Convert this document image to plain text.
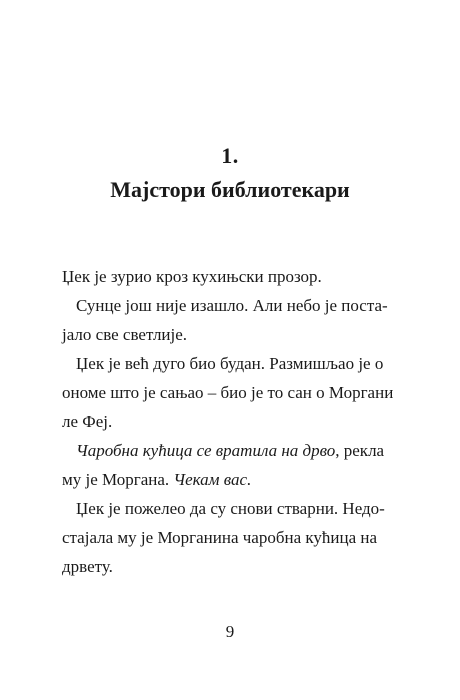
1.
Мајстори библиотекари
Џек је зурио кроз кухињски прозор.
Сунце још није изашло. Али небо је поста-
јало све светлије.
Џек је већ дуго био будан. Размишљао је о
ономе што је сањао – био је то сан о Моргани
ле Феј.
Чаробна кућица се вратила на дрво, рекла
му је Моргана. Чекам вас.
Џек је пожелео да су снови стварни. Недо-
стајала му је Морганина чаробна кућица на
дрвету.
9
